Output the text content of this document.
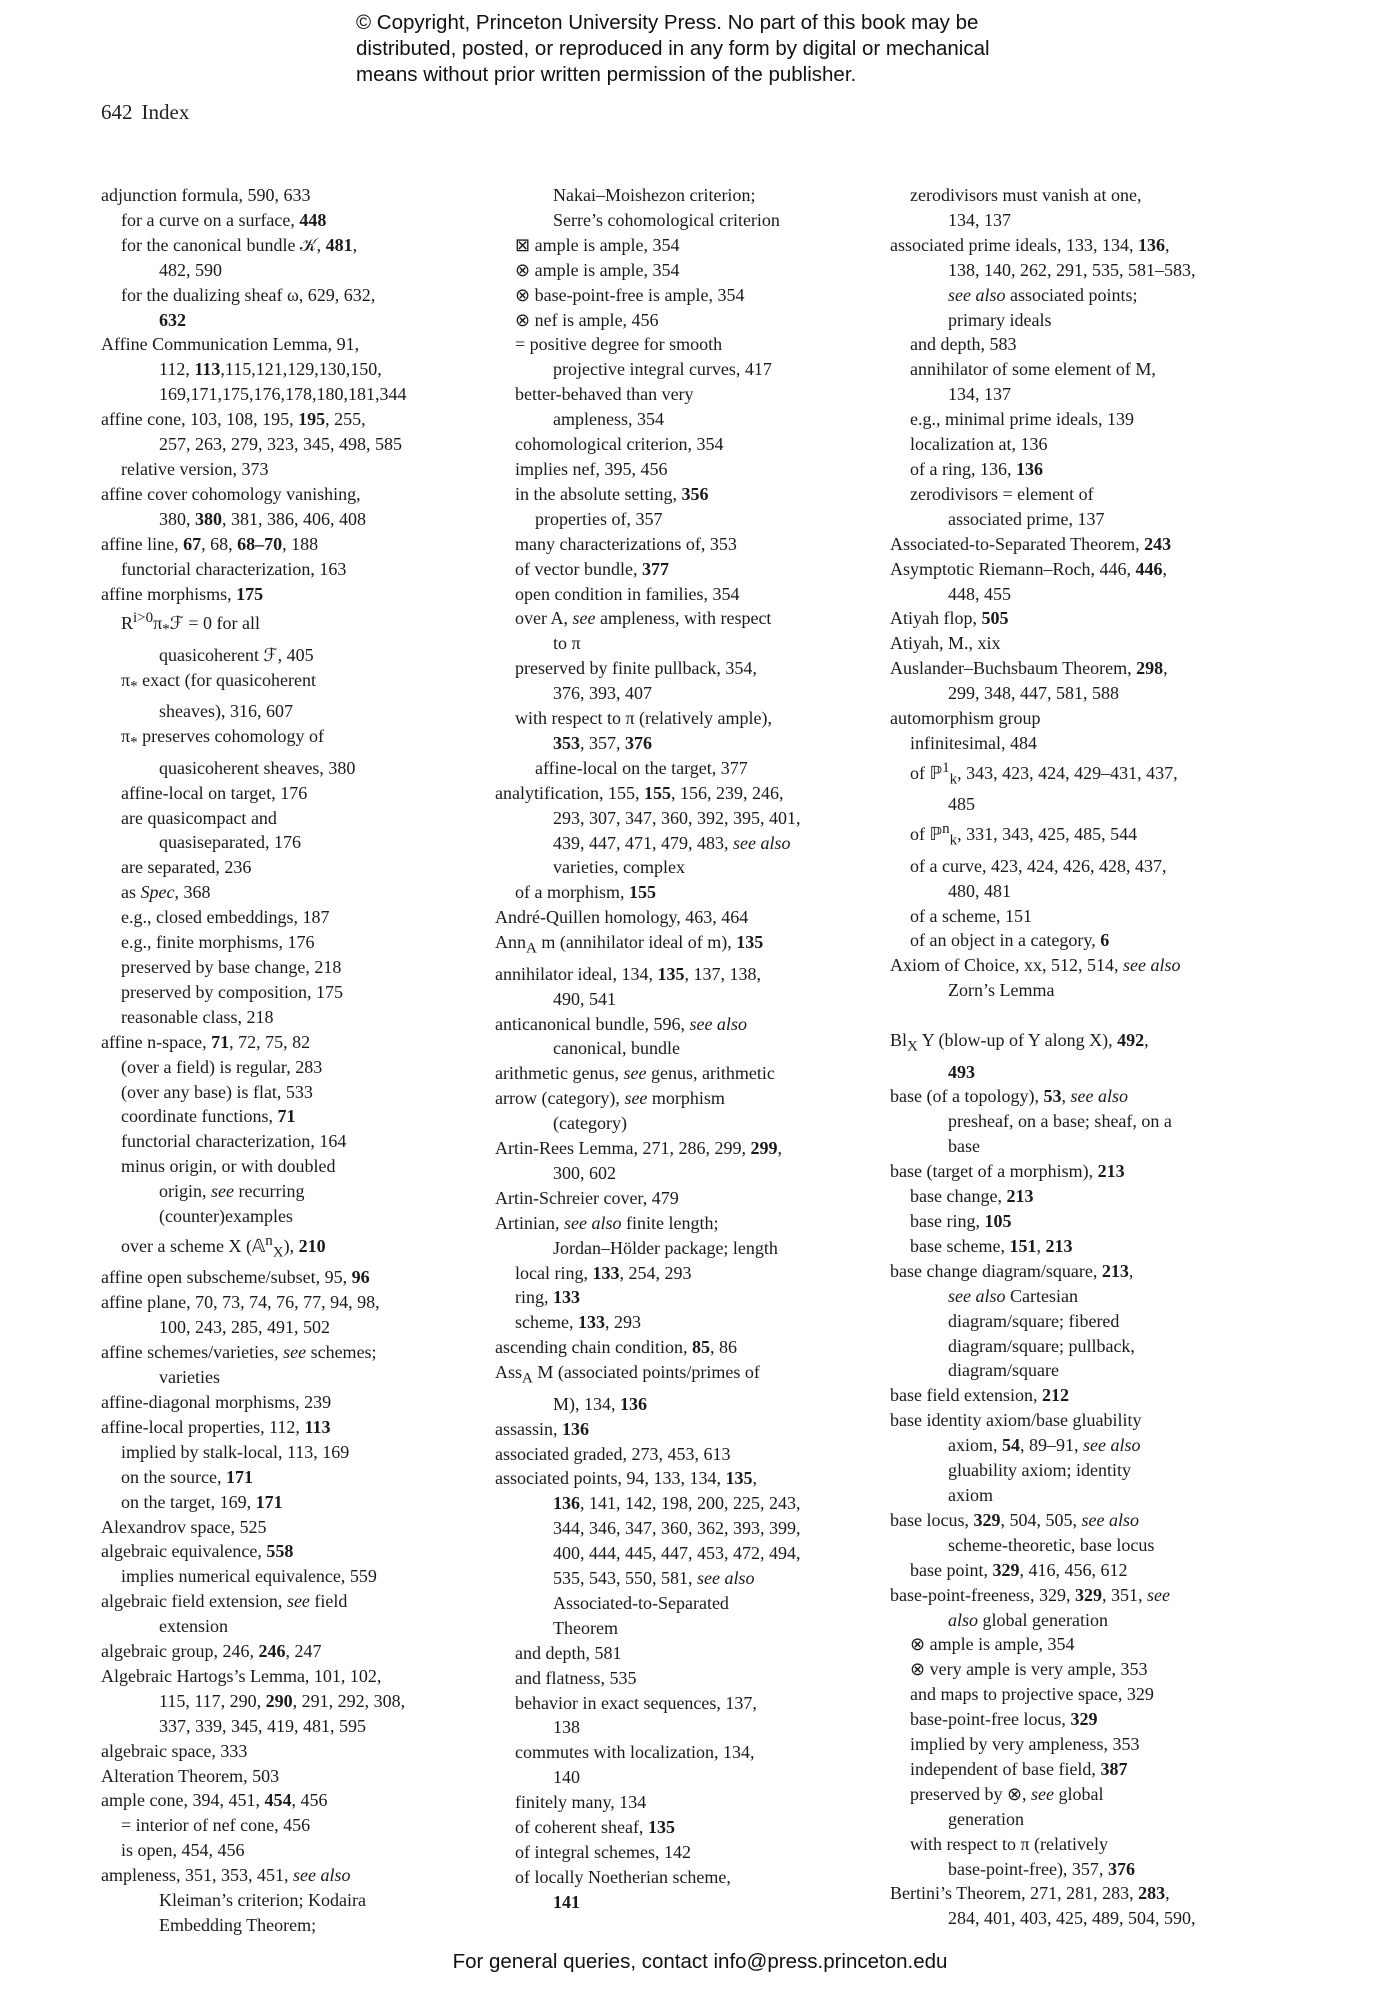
© Copyright, Princeton University Press. No part of this book may be
distributed, posted, or reproduced in any form by digital or mechanical
means without prior written permission of the publisher.
642 Index
adjunction formula, 590, 633
for a curve on a surface, 448
for the canonical bundle 𝒦, 481,
482, 590
for the dualizing sheaf ω, 629, 632,
632
Affine Communication Lemma, 91,
112, 113,115,121,129,130,150,
169,171,175,176,178,180,181,344
affine cone, 103, 108, 195, 195, 255,
257, 263, 279, 323, 345, 498, 585
relative version, 373
affine cover cohomology vanishing,
380, 380, 381, 386, 406, 408
affine line, 67, 68, 68–70, 188
functorial characterization, 163
affine morphisms, 175
$R^{i>0}\pi_*ℱ = 0$ for all
quasicoherent ℱ, 405
$\pi_*$ exact (for quasicoherent
sheaves), 316, 607
$\pi_*$ preserves cohomology of
quasicoherent sheaves, 380
affine-local on target, 176
are quasicompact and
quasiseparated, 176
are separated, 236
as Spec, 368
e.g., closed embeddings, 187
e.g., finite morphisms, 176
preserved by base change, 218
preserved by composition, 175
reasonable class, 218
affine n-space, 71, 72, 75, 82
(over a field) is regular, 283
(over any base) is flat, 533
coordinate functions, 71
functorial characterization, 164
minus origin, or with doubled
origin, see recurring
(counter)examples
over a scheme X (𝔸$^n_X$), 210
affine open subscheme/subset, 95, 96
affine plane, 70, 73, 74, 76, 77, 94, 98,
100, 243, 285, 491, 502
affine schemes/varieties, see schemes;
varieties
affine-diagonal morphisms, 239
affine-local properties, 112, 113
implied by stalk-local, 113, 169
on the source, 171
on the target, 169, 171
Alexandrov space, 525
algebraic equivalence, 558
implies numerical equivalence, 559
algebraic field extension, see field
extension
algebraic group, 246, 246, 247
Algebraic Hartogs’s Lemma, 101, 102,
115, 117, 290, 290, 291, 292, 308,
337, 339, 345, 419, 481, 595
algebraic space, 333
Alteration Theorem, 503
ample cone, 394, 451, 454, 456
= interior of nef cone, 456
is open, 454, 456
ampleness, 351, 353, 451, see also
Kleiman’s criterion; Kodaira
Embedding Theorem;
Nakai–Moishezon criterion;
Serre’s cohomological criterion
⊠ ample is ample, 354
⊗ ample is ample, 354
⊗ base-point-free is ample, 354
⊗ nef is ample, 456
= positive degree for smooth
projective integral curves, 417
better-behaved than very
ampleness, 354
cohomological criterion, 354
implies nef, 395, 456
in the absolute setting, 356
properties of, 357
many characterizations of, 353
of vector bundle, 377
open condition in families, 354
over A, see ampleness, with respect
to π
preserved by finite pullback, 354,
376, 393, 407
with respect to π (relatively ample),
353, 357, 376
affine-local on the target, 377
analytification, 155, 155, 156, 239, 246,
293, 307, 347, 360, 392, 395, 401,
439, 447, 471, 479, 483, see also
varieties, complex
of a morphism, 155
André-Quillen homology, 463, 464
Ann$_A$ m (annihilator ideal of m), 135
annihilator ideal, 134, 135, 137, 138,
490, 541
anticanonical bundle, 596, see also
canonical, bundle
arithmetic genus, see genus, arithmetic
arrow (category), see morphism
(category)
Artin-Rees Lemma, 271, 286, 299, 299,
300, 602
Artin-Schreier cover, 479
Artinian, see also finite length;
Jordan–Hölder package; length
local ring, 133, 254, 293
ring, 133
scheme, 133, 293
ascending chain condition, 85, 86
Ass$_A$ M (associated points/primes of
M), 134, 136
assassin, 136
associated graded, 273, 453, 613
associated points, 94, 133, 134, 135,
136, 141, 142, 198, 200, 225, 243,
344, 346, 347, 360, 362, 393, 399,
400, 444, 445, 447, 453, 472, 494,
535, 543, 550, 581, see also
Associated-to-Separated
Theorem
and depth, 581
and flatness, 535
behavior in exact sequences, 137,
138
commutes with localization, 134,
140
finitely many, 134
of coherent sheaf, 135
of integral schemes, 142
of locally Noetherian scheme,
141
zerodivisors must vanish at one,
134, 137
associated prime ideals, 133, 134, 136,
138, 140, 262, 291, 535, 581–583,
see also associated points;
primary ideals
and depth, 583
annihilator of some element of M,
134, 137
e.g., minimal prime ideals, 139
localization at, 136
of a ring, 136, 136
zerodivisors = element of
associated prime, 137
Associated-to-Separated Theorem, 243
Asymptotic Riemann–Roch, 446, 446,
448, 455
Atiyah flop, 505
Atiyah, M., xix
Auslander–Buchsbaum Theorem, 298,
299, 348, 447, 581, 588
automorphism group
infinitesimal, 484
of ℙ$^1_k$, 343, 423, 424, 429–431, 437,
485
of ℙ$^n_k$, 331, 343, 425, 485, 544
of a curve, 423, 424, 426, 428, 437,
480, 481
of a scheme, 151
of an object in a category, 6
Axiom of Choice, xx, 512, 514, see also
Zorn’s Lemma
$Bl_X$ Y (blow-up of Y along X), 492,
493
base (of a topology), 53, see also
presheaf, on a base; sheaf, on a
base
base (target of a morphism), 213
base change, 213
base ring, 105
base scheme, 151, 213
base change diagram/square, 213,
see also Cartesian
diagram/square; fibered
diagram/square; pullback,
diagram/square
base field extension, 212
base identity axiom/base gluability
axiom, 54, 89–91, see also
gluability axiom; identity
axiom
base locus, 329, 504, 505, see also
scheme-theoretic, base locus
base point, 329, 416, 456, 612
base-point-freeness, 329, 329, 351, see
also global generation
⊗ ample is ample, 354
⊗ very ample is very ample, 353
and maps to projective space, 329
base-point-free locus, 329
implied by very ampleness, 353
independent of base field, 387
preserved by ⊗, see global
generation
with respect to π (relatively
base-point-free), 357, 376
Bertini’s Theorem, 271, 281, 283, 283,
284, 401, 403, 425, 489, 504, 590,
For general queries, contact info@press.princeton.edu
